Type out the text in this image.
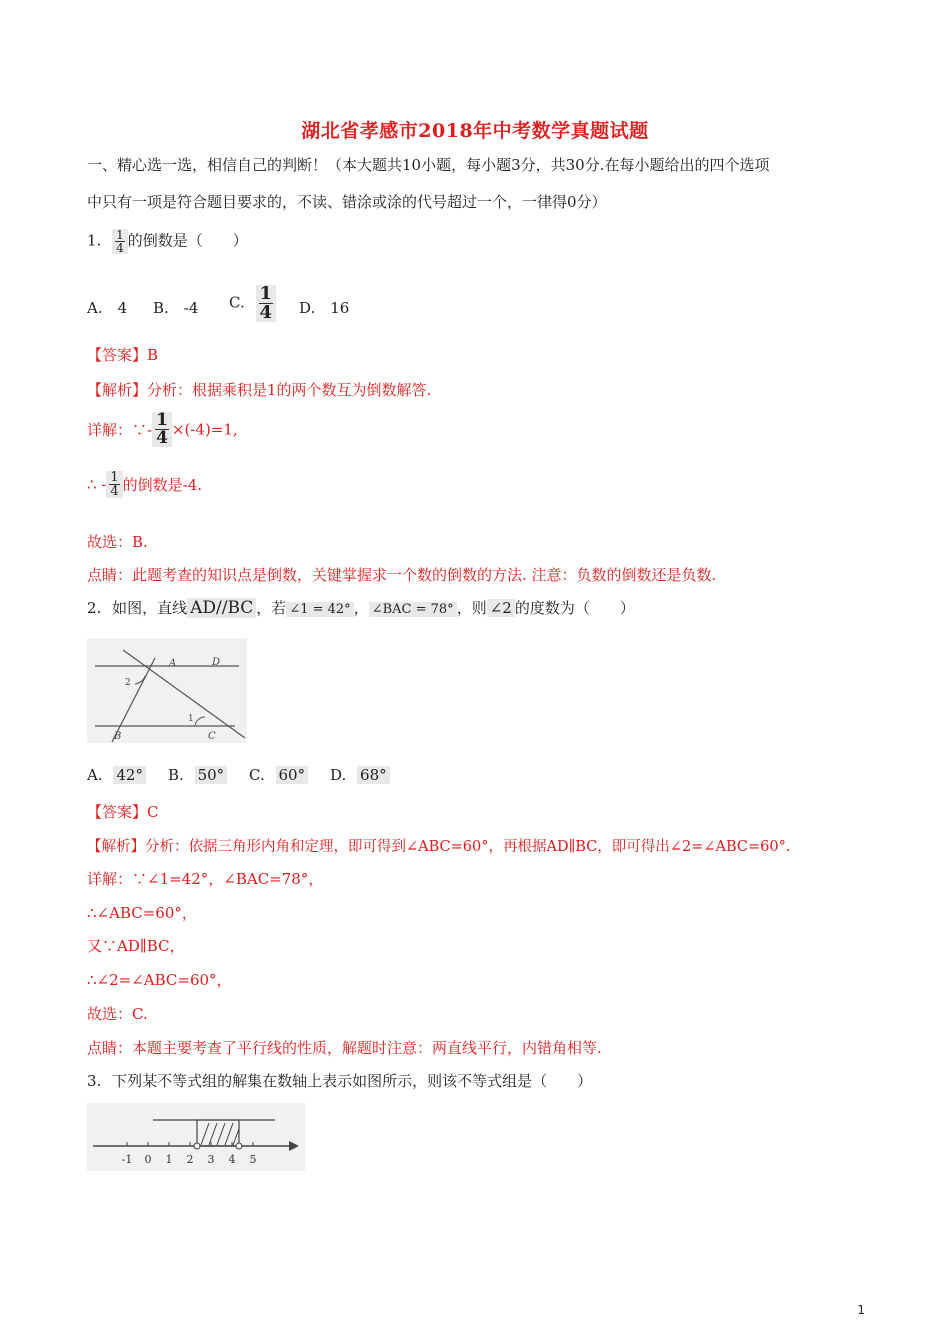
湖北省孝感市2018年中考数学真题试题
一、精心选一选，相信自己的判断！（本大题共10小题，每小题3分，共30分.在每小题给出的四个选项
中只有一项是符合题目要求的，不读、错涂或涂的代号超过一个，一律得0分）
1. $\frac{1}{4}$ 的倒数是（　　）
A.　4 B.　-4 C. $\frac{1}{4} D$.　16
【答案】B
【解析】分析：根据乘积是1的两个数互为倒数解答.
详解：∵- $\frac{1}{4} \times(-4)=1$,
∴ - $\frac{1}{4}$ 的倒数是-4.
故选：B.
点睛：此题考查的知识点是倒数，关键掌握求一个数的倒数的方法. 注意：负数的倒数还是负数.
2. 如图，直线 AD//BC ，若 ∠1 = 42° ， ∠BAC = 78° ，则 ∠2 的度数为（　　）
A	D
B	C
1
2
A. 42° B. 50° C. 60° D. 68°
【答案】C
【解析】分析：依据三角形内角和定理，即可得到∠ABC=60°，再根据AD∥BC，即可得出∠2=∠ABC=60°.
详解：∵∠1=42°，∠BAC=78°，
∴∠ABC=60°，
又∵AD∥BC，
∴∠2=∠ABC=60°，
故选：C.
点睛：本题主要考查了平行线的性质，解题时注意：两直线平行，内错角相等.
3. 下列某不等式组的解集在数轴上表示如图所示，则该不等式组是（　　）
-1 0 1 2 3 4 5
1
